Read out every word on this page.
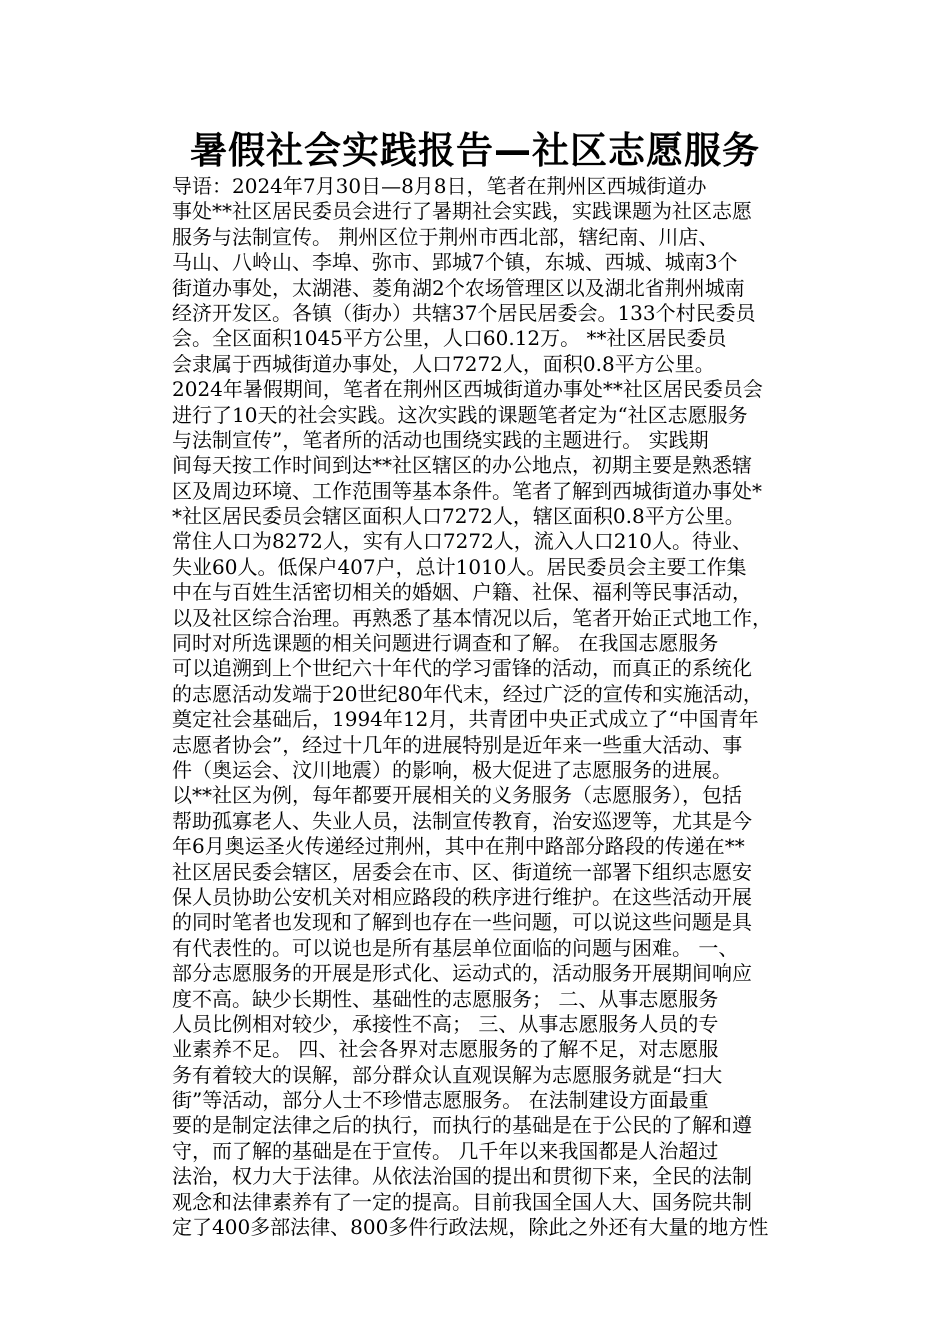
暑假社会实践报告—社区志愿服务
导语：2024年7月30日—8月8日，笔者在荆州区西城街道办
事处**社区居民委员会进行了暑期社会实践，实践课题为社区志愿
服务与法制宣传。 荆州区位于荆州市西北部，辖纪南、川店、
马山、八岭山、李埠、弥市、郢城7个镇，东城、西城、城南3个
街道办事处，太湖港、菱角湖2个农场管理区以及湖北省荆州城南
经济开发区。各镇（街办）共辖37个居民居委会。133个村民委员
会。全区面积1045平方公里，人口60.12万。 **社区居民委员
会隶属于西城街道办事处，人口7272人，面积0.8平方公里。
2024年暑假期间，笔者在荆州区西城街道办事处**社区居民委员会
进行了10天的社会实践。这次实践的课题笔者定为“社区志愿服务
与法制宣传”，笔者所的活动也围绕实践的主题进行。 实践期
间每天按工作时间到达**社区辖区的办公地点，初期主要是熟悉辖
区及周边环境、工作范围等基本条件。笔者了解到西城街道办事处*
*社区居民委员会辖区面积人口7272人，辖区面积0.8平方公里。
常住人口为8272人，实有人口7272人，流入人口210人。待业、
失业60人。低保户407户，总计1010人。居民委员会主要工作集
中在与百姓生活密切相关的婚姻、户籍、社保、福利等民事活动，
以及社区综合治理。再熟悉了基本情况以后，笔者开始正式地工作，
同时对所选课题的相关问题进行调查和了解。 在我国志愿服务
可以追溯到上个世纪六十年代的学习雷锋的活动，而真正的系统化
的志愿活动发端于20世纪80年代末，经过广泛的宣传和实施活动，
奠定社会基础后，1994年12月，共青团中央正式成立了“中国青年
志愿者协会”，经过十几年的进展特别是近年来一些重大活动、事
件（奥运会、汶川地震）的影响，极大促进了志愿服务的进展。
以**社区为例，每年都要开展相关的义务服务（志愿服务），包括
帮助孤寡老人、失业人员，法制宣传教育，治安巡逻等，尤其是今
年6月奥运圣火传递经过荆州，其中在荆中路部分路段的传递在**
社区居民委会辖区，居委会在市、区、街道统一部署下组织志愿安
保人员协助公安机关对相应路段的秩序进行维护。在这些活动开展
的同时笔者也发现和了解到也存在一些问题，可以说这些问题是具
有代表性的。可以说也是所有基层单位面临的问题与困难。 一、
部分志愿服务的开展是形式化、运动式的，活动服务开展期间响应
度不高。缺少长期性、基础性的志愿服务； 二、从事志愿服务
人员比例相对较少，承接性不高； 三、从事志愿服务人员的专
业素养不足。 四、社会各界对志愿服务的了解不足，对志愿服
务有着较大的误解，部分群众认直观误解为志愿服务就是“扫大
街”等活动，部分人士不珍惜志愿服务。 在法制建设方面最重
要的是制定法律之后的执行，而执行的基础是在于公民的了解和遵
守，而了解的基础是在于宣传。 几千年以来我国都是人治超过
法治，权力大于法律。从依法治国的提出和贯彻下来，全民的法制
观念和法律素养有了一定的提高。目前我国全国人大、国务院共制
定了400多部法律、800多件行政法规，除此之外还有大量的地方性
